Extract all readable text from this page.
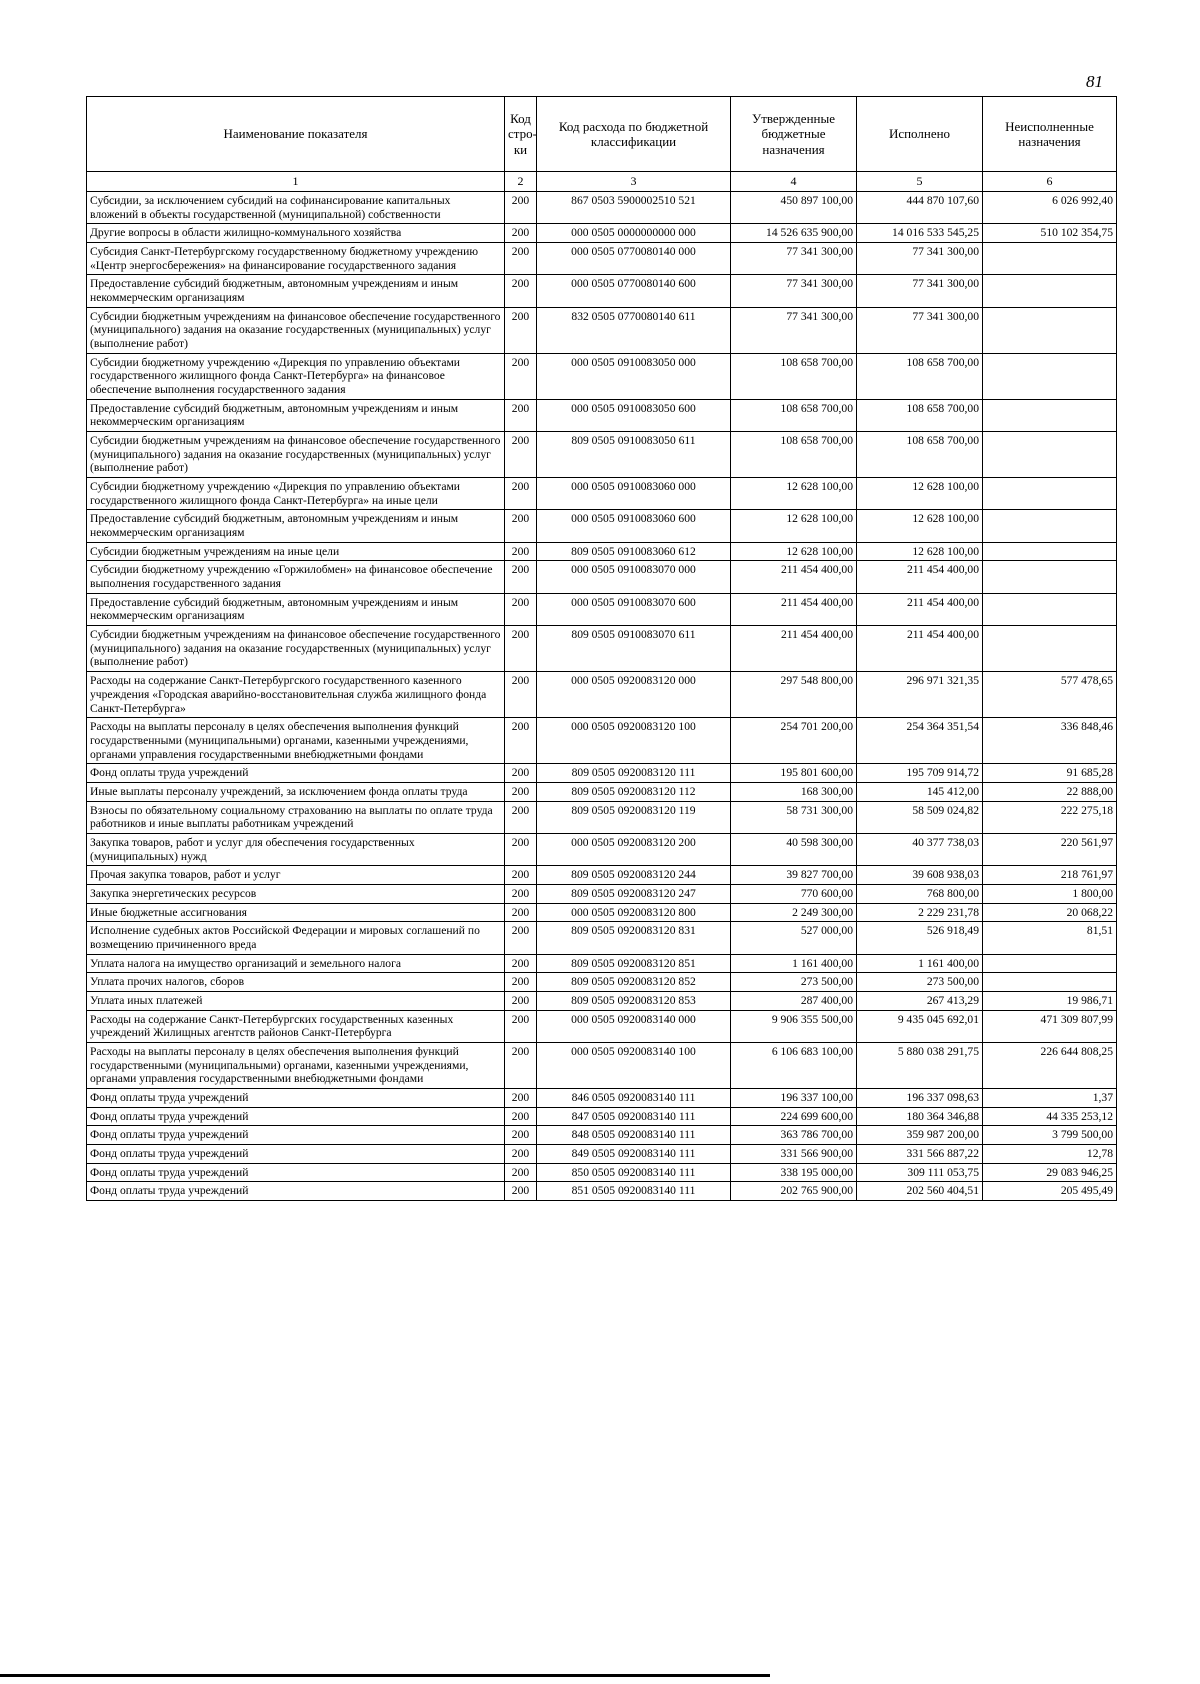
81
Наименование показателя	Код стро-ки	Код расхода по бюджетной классификации	Утвержденные бюджетные назначения	Исполнено	Неисполненные назначения
1	2	3	4	5	6
Субсидии, за исключением субсидий на софинансирование капитальных вложений в объекты государственной (муниципальной) собственности	200	867 0503 5900002510 521	450 897 100,00	444 870 107,60	6 026 992,40
Другие вопросы в области жилищно-коммунального хозяйства	200	000 0505 0000000000 000	14 526 635 900,00	14 016 533 545,25	510 102 354,75
Субсидия Санкт-Петербургскому государственному бюджетному учреждению «Центр энергосбережения» на финансирование государственного задания	200	000 0505 0770080140 000	77 341 300,00	77 341 300,00	
Предоставление субсидий бюджетным, автономным учреждениям и иным некоммерческим организациям	200	000 0505 0770080140 600	77 341 300,00	77 341 300,00	
Субсидии бюджетным учреждениям на финансовое обеспечение государственного (муниципального) задания на оказание государственных (муниципальных) услуг (выполнение работ)	200	832 0505 0770080140 611	77 341 300,00	77 341 300,00	
Субсидии бюджетному учреждению «Дирекция по управлению объектами государственного жилищного фонда Санкт-Петербурга» на финансовое обеспечение выполнения государственного задания	200	000 0505 0910083050 000	108 658 700,00	108 658 700,00	
Предоставление субсидий бюджетным, автономным учреждениям и иным некоммерческим организациям	200	000 0505 0910083050 600	108 658 700,00	108 658 700,00	
Субсидии бюджетным учреждениям на финансовое обеспечение государственного (муниципального) задания на оказание государственных (муниципальных) услуг (выполнение работ)	200	809 0505 0910083050 611	108 658 700,00	108 658 700,00	
Субсидии бюджетному учреждению «Дирекция по управлению объектами государственного жилищного фонда Санкт-Петербурга» на иные цели	200	000 0505 0910083060 000	12 628 100,00	12 628 100,00	
Предоставление субсидий бюджетным, автономным учреждениям и иным некоммерческим организациям	200	000 0505 0910083060 600	12 628 100,00	12 628 100,00	
Субсидии бюджетным учреждениям на иные цели	200	809 0505 0910083060 612	12 628 100,00	12 628 100,00	
Субсидии бюджетному учреждению «Горжилобмен» на финансовое обеспечение выполнения государственного задания	200	000 0505 0910083070 000	211 454 400,00	211 454 400,00	
Предоставление субсидий бюджетным, автономным учреждениям и иным некоммерческим организациям	200	000 0505 0910083070 600	211 454 400,00	211 454 400,00	
Субсидии бюджетным учреждениям на финансовое обеспечение государственного (муниципального) задания на оказание государственных (муниципальных) услуг (выполнение работ)	200	809 0505 0910083070 611	211 454 400,00	211 454 400,00	
Расходы на содержание Санкт-Петербургского государственного казенного учреждения «Городская аварийно-восстановительная служба жилищного фонда Санкт-Петербурга»	200	000 0505 0920083120 000	297 548 800,00	296 971 321,35	577 478,65
Расходы на выплаты персоналу в целях обеспечения выполнения функций государственными (муниципальными) органами, казенными учреждениями, органами управления государственными внебюджетными фондами	200	000 0505 0920083120 100	254 701 200,00	254 364 351,54	336 848,46
Фонд оплаты труда учреждений	200	809 0505 0920083120 111	195 801 600,00	195 709 914,72	91 685,28
Иные выплаты персоналу учреждений, за исключением фонда оплаты труда	200	809 0505 0920083120 112	168 300,00	145 412,00	22 888,00
Взносы по обязательному социальному страхованию на выплаты по оплате труда работников и иные выплаты работникам учреждений	200	809 0505 0920083120 119	58 731 300,00	58 509 024,82	222 275,18
Закупка товаров, работ и услуг для обеспечения государственных (муниципальных) нужд	200	000 0505 0920083120 200	40 598 300,00	40 377 738,03	220 561,97
Прочая закупка товаров, работ и услуг	200	809 0505 0920083120 244	39 827 700,00	39 608 938,03	218 761,97
Закупка энергетических ресурсов	200	809 0505 0920083120 247	770 600,00	768 800,00	1 800,00
Иные бюджетные ассигнования	200	000 0505 0920083120 800	2 249 300,00	2 229 231,78	20 068,22
Исполнение судебных актов Российской Федерации и мировых соглашений по возмещению причиненного вреда	200	809 0505 0920083120 831	527 000,00	526 918,49	81,51
Уплата налога на имущество организаций и земельного налога	200	809 0505 0920083120 851	1 161 400,00	1 161 400,00	
Уплата прочих налогов, сборов	200	809 0505 0920083120 852	273 500,00	273 500,00	
Уплата иных платежей	200	809 0505 0920083120 853	287 400,00	267 413,29	19 986,71
Расходы на содержание Санкт-Петербургских государственных казенных учреждений Жилищных агентств районов Санкт-Петербурга	200	000 0505 0920083140 000	9 906 355 500,00	9 435 045 692,01	471 309 807,99
Расходы на выплаты персоналу в целях обеспечения выполнения функций государственными (муниципальными) органами, казенными учреждениями, органами управления государственными внебюджетными фондами	200	000 0505 0920083140 100	6 106 683 100,00	5 880 038 291,75	226 644 808,25
Фонд оплаты труда учреждений	200	846 0505 0920083140 111	196 337 100,00	196 337 098,63	1,37
Фонд оплаты труда учреждений	200	847 0505 0920083140 111	224 699 600,00	180 364 346,88	44 335 253,12
Фонд оплаты труда учреждений	200	848 0505 0920083140 111	363 786 700,00	359 987 200,00	3 799 500,00
Фонд оплаты труда учреждений	200	849 0505 0920083140 111	331 566 900,00	331 566 887,22	12,78
Фонд оплаты труда учреждений	200	850 0505 0920083140 111	338 195 000,00	309 111 053,75	29 083 946,25
Фонд оплаты труда учреждений	200	851 0505 0920083140 111	202 765 900,00	202 560 404,51	205 495,49
